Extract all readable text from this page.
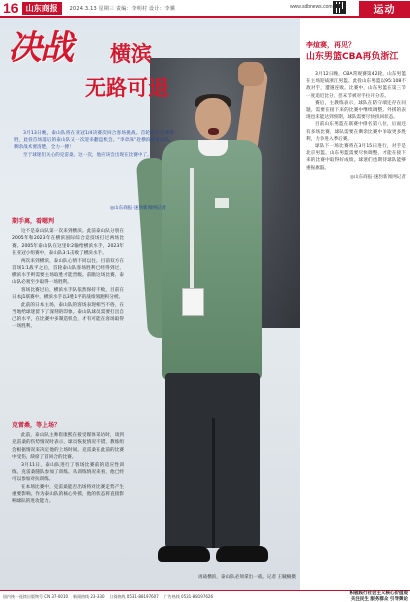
16 山东商报	2024.3.13 星期三 责编：李明村 设计：李骥	www.sdbnews.com	运动
决战 横滨
无路可退

3月13日晚，泰山队将在亚冠1/4决赛次回合客场挑战。首轮双方主场各胜，此役首场落后的泰山队又一次迎来翻盘机会。“李章洙”赴横滨的泰山队，剩余战术要清楚，全力一搏！

至于球迷们关心的克雷桑，这一次，他应该会出现在比赛中了。

◎山东商报·速豹新闻网记者
期手离，看嗯判

这不是泰山队第一次来到横滨。此前泰山队分别在2005年和2023年在横滨国际综合竞技场打过两场比赛。2005年泰山队在这里0:2输给横滨水手，2023年在亚冠小组赛中，泰山队3:1击败了横滨水手。

两次来到横滨，泰山队心情不同以往。目前双方在首场1:1战平之后，首轮泰山队客场胜利已经得到过，横滨水手则需要主场取胜才能晋级。前瞻这场比赛，泰山队必须至少取得一场胜利。

客场比赛过后，横滨水手队依然保持不败，目前在日本J1联赛中，横滨水手以3胜1平的战绩领跑积分榜。

此前的日本主场，泰山队的客场表现相当不俗，在当地给球迷留下了深刻的印象。泰山队球员需要打出自己的水平，在比赛中多制造机会，才有可能在客场取得一场胜利。

克雷桑，等上场？

此前，泰山队主帅崔康熙在接受媒体采访时，谈到克雷桑的伤势情况时表示，球员恢复情况不错，教练组会根据情况来决定他的上场时间。克雷桑在此前的比赛中受伤，缺席了首回合的比赛。

3月11日，泰山队进行了客场比赛前的适应性训练，克雷桑随队参加了训练。从训练情况来看，他已经可以参加对抗训练。

在本场比赛中，克雷桑能否出场将对比赛走势产生重要影响。作为泰山队的核心外援，他的状态将直接影响球队的进攻能力。

再战横滨，泰山队必须拿出一战。记者 王毓楠摄
李煊赛，再见？
山东男篮CBA再负浙江

3月12日晚，CBA常规赛第42轮，山东男篮在主场迎战浙江男篮。此役山东男篮以95:108不敌对手，遭遇连败。比赛中，山东男篮在第三节一度追近比分，但末节被对手拉开分差。

赛后，主教练表示，球队在防守端还存在问题，需要在接下来的比赛中继续调整。外援的表现也未能达到预期，球队需要尽快找回状态。

目前山东男篮在联赛中排名第八位，后面还有多场比赛，球队需要在剩余比赛中争取更多胜利，力争进入季后赛。

球队下一场比赛将在3月15日进行，对手是北京男篮。山东男篮需要尽快调整，才能在接下来的比赛中取得好成绩。球迷们也期待球队能够重振旗鼓。

◎山东商报·速豹新闻网记者
国内统一连续出版物号 CN 37-0010 新闻热线 23-330 订阅热线 0531-88197607 广告热线 0531-88197626	积极践行社会主义核心价值观
关注民生 服务群众 引导舆论
